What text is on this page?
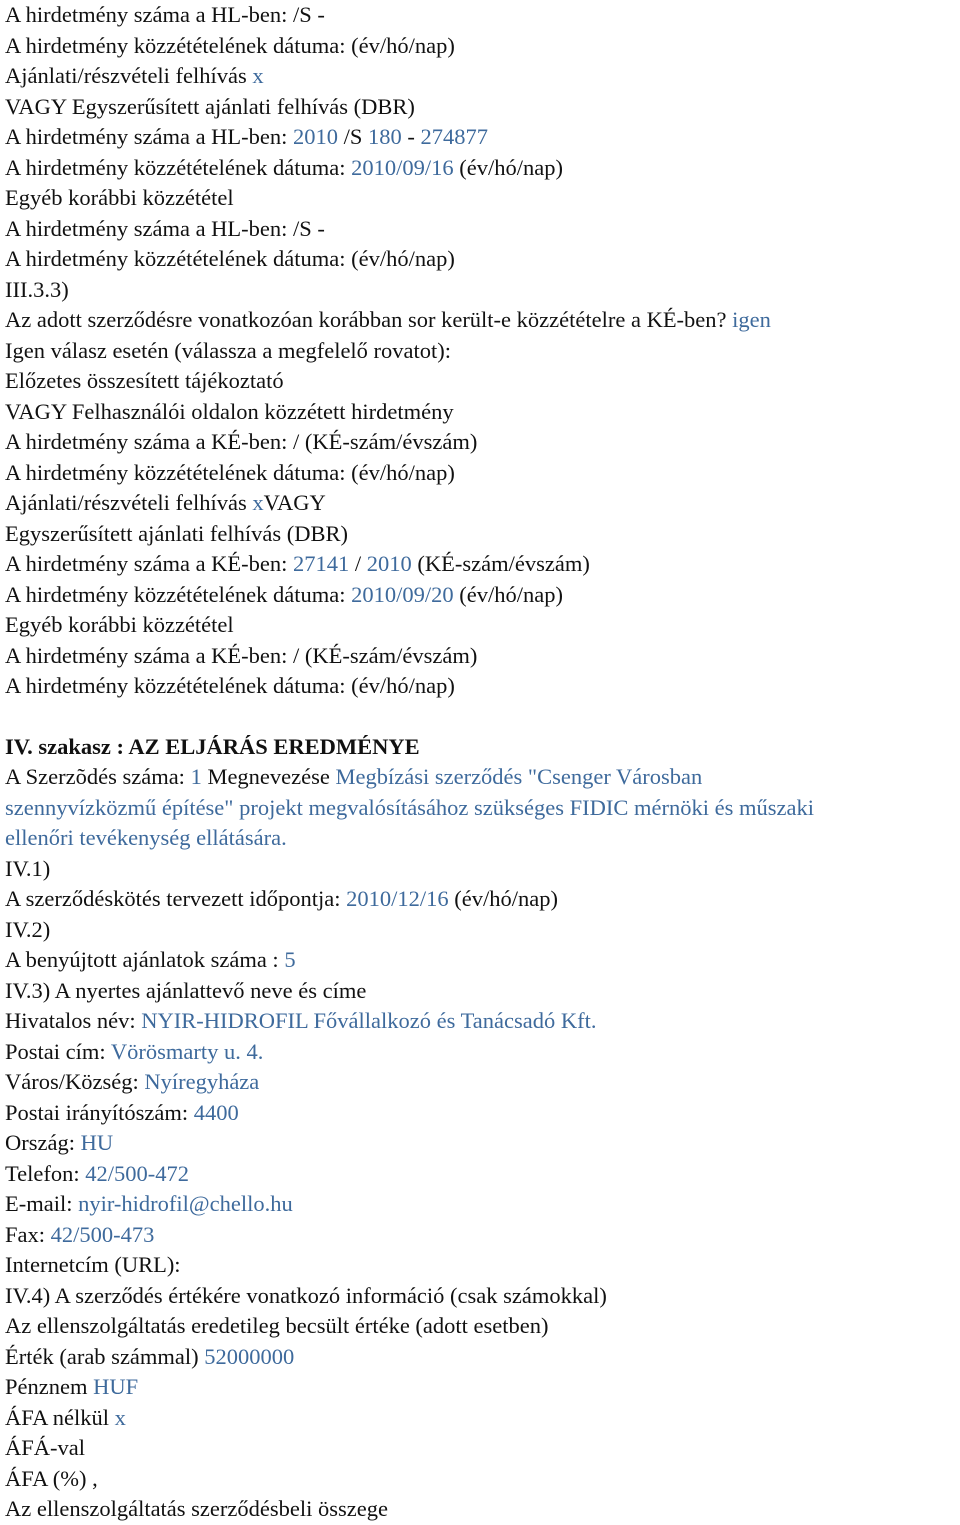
A hirdetmény száma a HL-ben: /S -
A hirdetmény közzétételének dátuma: (év/hó/nap)
Ajánlati/részvételi felhívás x
VAGY Egyszerűsített ajánlati felhívás (DBR)
A hirdetmény száma a HL-ben: 2010 /S 180 - 274877
A hirdetmény közzétételének dátuma: 2010/09/16 (év/hó/nap)
Egyéb korábbi közzététel
A hirdetmény száma a HL-ben: /S -
A hirdetmény közzétételének dátuma: (év/hó/nap)
III.3.3)
Az adott szerződésre vonatkozóan korábban sor került-e közzétételre a KÉ-ben? igen
Igen válasz esetén (válassza a megfelelő rovatot):
Előzetes összesített tájékoztató
VAGY Felhasználói oldalon közzétett hirdetmény
A hirdetmény száma a KÉ-ben: / (KÉ-szám/évszám)
A hirdetmény közzétételének dátuma: (év/hó/nap)
Ajánlati/részvételi felhívás xVAGY
Egyszerűsített ajánlati felhívás (DBR)
A hirdetmény száma a KÉ-ben: 27141 / 2010 (KÉ-szám/évszám)
A hirdetmény közzétételének dátuma: 2010/09/20 (év/hó/nap)
Egyéb korábbi közzététel
A hirdetmény száma a KÉ-ben: / (KÉ-szám/évszám)
A hirdetmény közzétételének dátuma: (év/hó/nap)
IV. szakasz : AZ ELJÁRÁS EREDMÉNYE
A Szerzõdés száma: 1 Megnevezése Megbízási szerződés "Csenger Városban
szennyvízközmű építése" projekt megvalósításához szükséges FIDIC mérnöki és műszaki
ellenőri tevékenység ellátására.
IV.1)
A szerződéskötés tervezett időpontja: 2010/12/16 (év/hó/nap)
IV.2)
A benyújtott ajánlatok száma : 5
IV.3) A nyertes ajánlattevő neve és címe
Hivatalos név: NYIR-HIDROFIL Fővállalkozó és Tanácsadó Kft.
Postai cím: Vörösmarty u. 4.
Város/Község: Nyíregyháza
Postai irányítószám: 4400
Ország: HU
Telefon: 42/500-472
E-mail: nyir-hidrofil@chello.hu
Fax: 42/500-473
Internetcím (URL):
IV.4) A szerződés értékére vonatkozó információ (csak számokkal)
Az ellenszolgáltatás eredetileg becsült értéke (adott esetben)
Érték (arab számmal) 52000000
Pénznem HUF
ÁFA nélkül x
ÁFÁ-val
ÁFA (%) ,
Az ellenszolgáltatás szerződésbeli összege
